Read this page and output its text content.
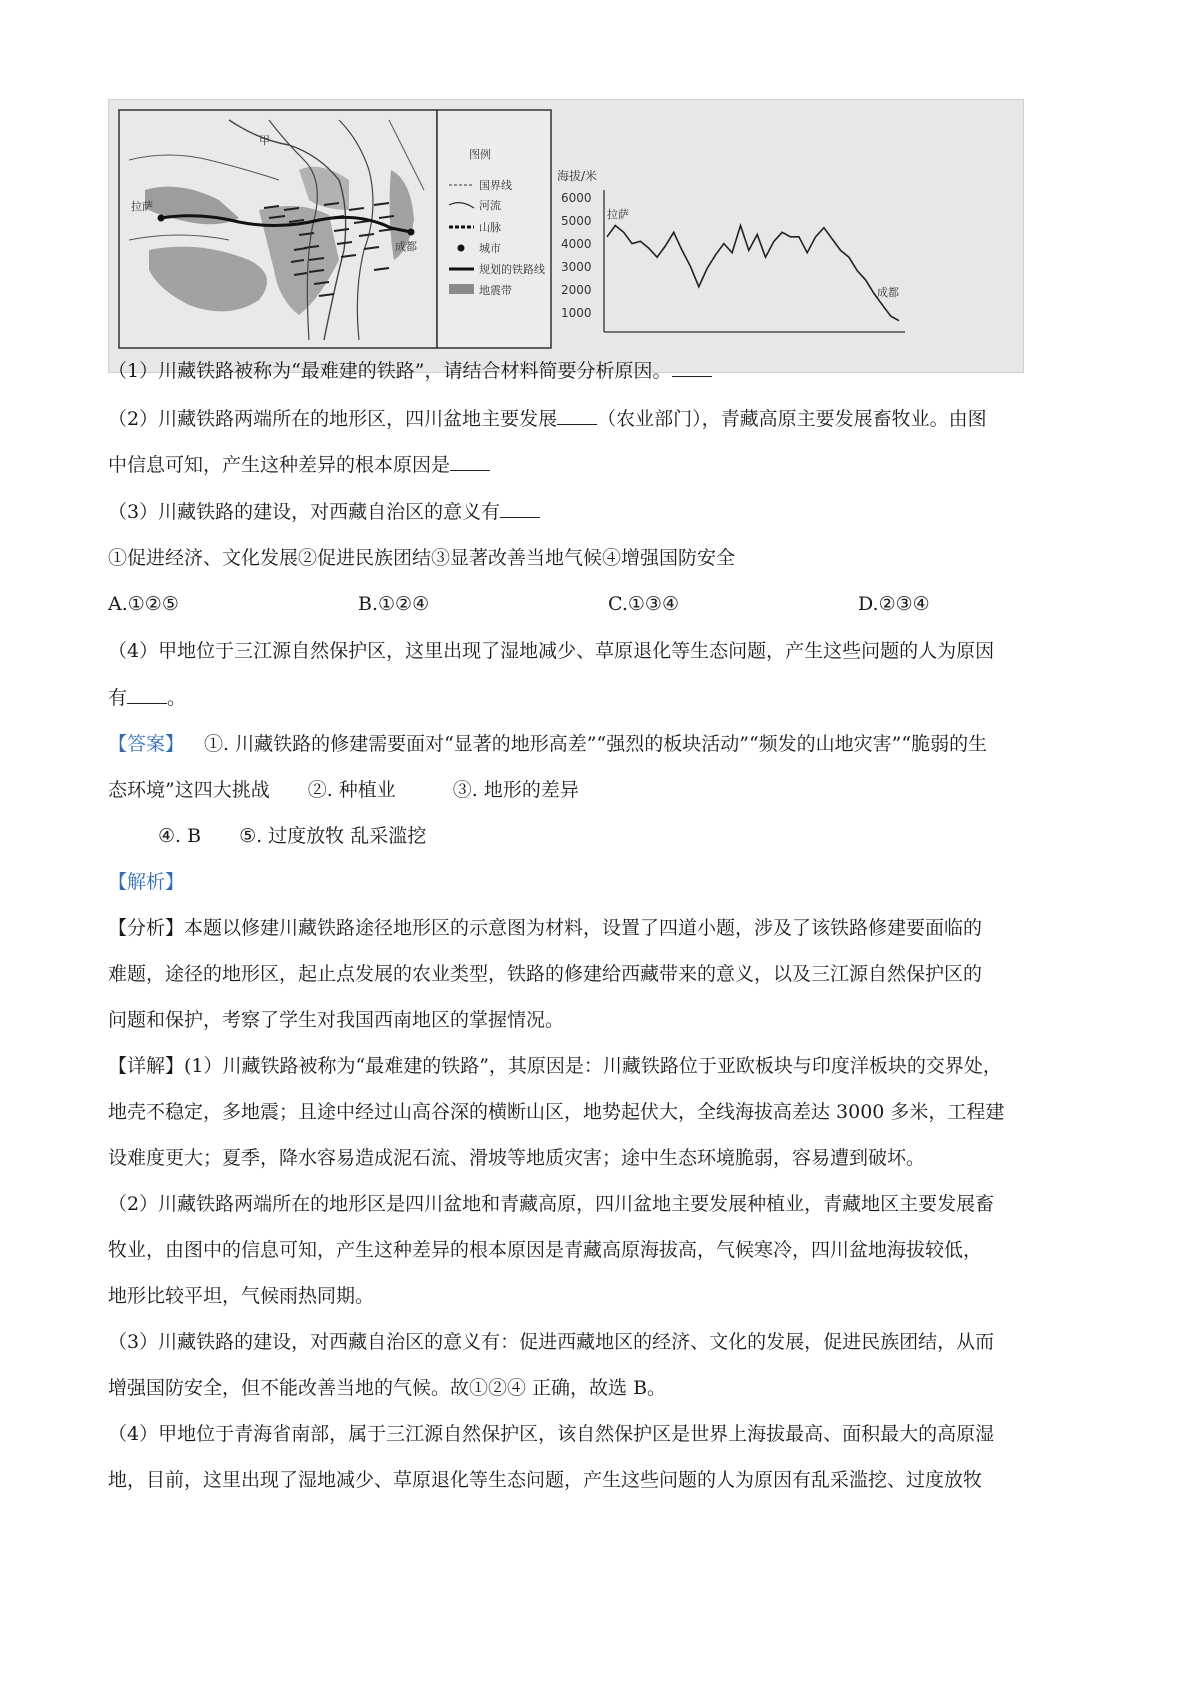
拉萨
成都
甲
图例
国界线
河流
山脉
城市
规划的铁路线
地震带
海拔/米
6000
5000
4000
3000
2000
1000
拉萨
成都
（1）川藏铁路被称为“最难建的铁路”，请结合材料简要分析原因。
（2）川藏铁路两端所在的地形区，四川盆地主要发展 （农业部门），青藏高原主要发展畜牧业。由图
中信息可知，产生这种差异的根本原因是
（3）川藏铁路的建设，对西藏自治区的意义有
①促进经济、文化发展②促进民族团结③显著改善当地气候④增强国防安全
A.①②⑤	B.①②④	C.①③④	D.②③④
（4）甲地位于三江源自然保护区，这里出现了湿地减少、草原退化等生态问题，产生这些问题的人为原因
有 。
【答案】 ①. 川藏铁路的修建需要面对“显著的地形高差”“强烈的板块活动”“频发的山地灾害”“脆弱的生
态环境”这四大挑战　　②. 种植业　　　③. 地形的差异
④. B　　⑤. 过度放牧 乱采滥挖
【解析】
【分析】本题以修建川藏铁路途径地形区的示意图为材料，设置了四道小题，涉及了该铁路修建要面临的
难题，途径的地形区，起止点发展的农业类型，铁路的修建给西藏带来的意义，以及三江源自然保护区的
问题和保护，考察了学生对我国西南地区的掌握情况。
【详解】(1）川藏铁路被称为“最难建的铁路”，其原因是：川藏铁路位于亚欧板块与印度洋板块的交界处，
地壳不稳定，多地震；且途中经过山高谷深的横断山区，地势起伏大，全线海拔高差达 3000 多米，工程建
设难度更大；夏季，降水容易造成泥石流、滑坡等地质灾害；途中生态环境脆弱，容易遭到破坏。
（2）川藏铁路两端所在的地形区是四川盆地和青藏高原，四川盆地主要发展种植业，青藏地区主要发展畜
牧业，由图中的信息可知，产生这种差异的根本原因是青藏高原海拔高，气候寒冷，四川盆地海拔较低，
地形比较平坦，气候雨热同期。
（3）川藏铁路的建设，对西藏自治区的意义有：促进西藏地区的经济、文化的发展，促进民族团结，从而
增强国防安全，但不能改善当地的气候。故①②④ 正确，故选 B。
（4）甲地位于青海省南部，属于三江源自然保护区，该自然保护区是世界上海拔最高、面积最大的高原湿
地，目前，这里出现了湿地减少、草原退化等生态问题，产生这些问题的人为原因有乱采滥挖、过度放牧
